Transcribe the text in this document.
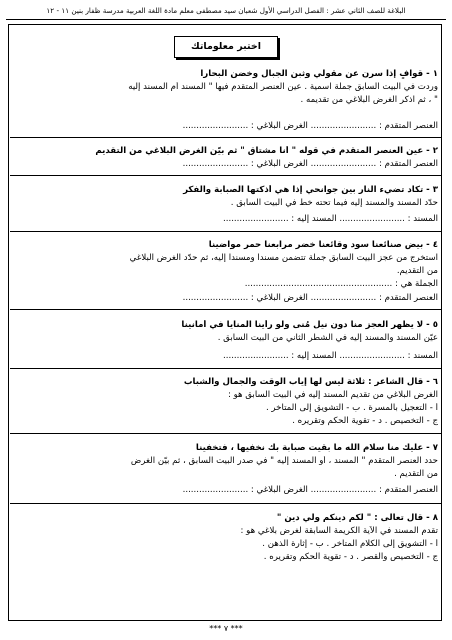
البلاغة للصف الثاني عشر : الفصل الدراسي الأول شعبان سيد مصطفى معلم مادة اللغة العربية مدرسة ظفار بنين ١١ - ١٢
اختبر معلوماتك
١ - قوافٍ إذا سرن عن مقولي وثبن الجبال وخضن البحارا
وردت في البيت السابق جملة اسمية . عين العنصر المتقدم فيها " المسند أم المسند إليه
" ، ثم اذكر الغرض البلاغي من تقديمه .
العنصر المتقدم : ........................ الغرض البلاغي : ........................
٢ - عين العنصر المتقدم في قوله " أنا مشتاق " ثم بيّن الغرض البلاغي من التقديم
العنصر المتقدم : ........................ الغرض البلاغي : ........................
٣ - تكاد تضيء النار بين جوانحي إذا هي أذكتها الصبابة والفكر
حدّد المسند والمسند إليه فيما تحته خط في البيت السابق .
المسند : ........................ المسند إليه : ........................
٤ - بيض صنائعنا سود وقائعنا خضر مرابعنا حمر مواضينا
استخرج من عجز البيت السابق جملة تتضمن مسندا ومسندا إليه، ثم حدّد الغرض البلاغي
من التقديم.
الجملة هي : ......................................................
العنصر المتقدم : ........................ الغرض البلاغي : ........................
٥ - لا يظهر العجز منا دون نيل مُنى ولو رأينا المنايا في أمانينا
عيّن المسند والمسند إليه في الشطر الثاني من البيت السابق .
المسند : ........................ المسند إليه : ........................
٦ - قال الشاعر : ثلاثة ليس لها إياب الوقت والجمال والشباب
الغرض البلاغي من تقديم المسند إليه في البيت السابق هو :
أ - التعجيل بالمسرة . ب - التشويق إلى المتأخر .
ج - التخصيص . د - تقوية الحكم وتقريره .
٧ - عليك منا سلام الله ما بقيت صبابة بك نخفيها ، فتخفينا
حدد العنصر المتقدم " المسند ، أو المسند إليه " في صدر البيت السابق ، ثم بيّن الغرض
من التقديم .
العنصر المتقدم : ........................ الغرض البلاغي : ........................
٨ - قال تعالى : " لكم دينكم ولي دين "
تقدم المسند في الآية الكريمة السابقة لغرض بلاغي هو :
أ - التشويق إلى الكلام المتأخر . ب - إثارة الذهن .
ج - التخصيص والقصر . د - تقوية الحكم وتقريره .
*** ٧ ***
